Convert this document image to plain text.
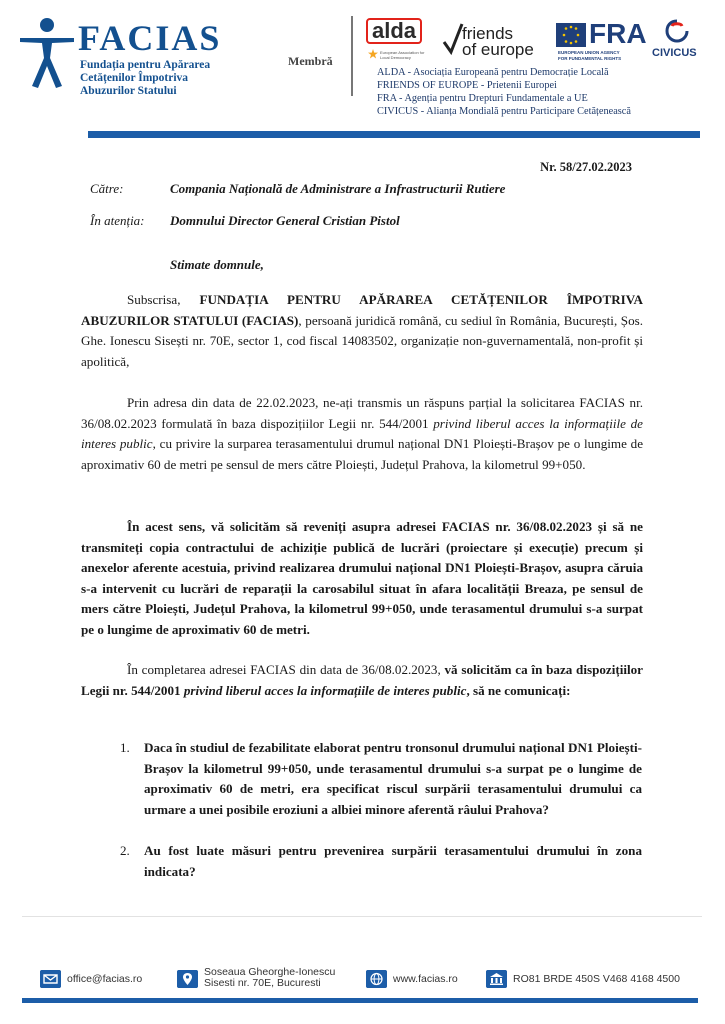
FACIAS
Fundația pentru Apărarea
Cetățenilor Împotriva
Abuzurilor Statului
Membră
alda
European Association for Local Democracy
friends
of europe
FRA
EUROPEAN UNION AGENCY
FOR FUNDAMENTAL RIGHTS	CIVICUS
ALDA - Asociația Europeană pentru Democrație Locală
FRIENDS OF EUROPE - Prietenii Europei
FRA - Agenția pentru Drepturi Fundamentale a UE
CIVICUS - Alianța Mondială pentru Participare Cetățenească
Nr. 58/27.02.2023
Către:	Compania Națională de Administrare a Infrastructurii Rutiere
În atenția: Domnului Director General Cristian Pistol
Stimate domnule,
Subscrisa, FUNDAȚIA PENTRU APĂRAREA CETĂȚENILOR ÎMPOTRIVA ABUZURILOR STATULUI (FACIAS), persoană juridică română, cu sediul în România, București, Șos. Ghe. Ionescu Sisești nr. 70E, sector 1, cod fiscal 14083502, organizație non-guvernamentală, non-profit și apolitică,
Prin adresa din data de 22.02.2023, ne-ați transmis un răspuns parțial la solicitarea FACIAS nr. 36/08.02.2023 formulată în baza dispozițiilor Legii nr. 544/2001 privind liberul acces la informațiile de interes public, cu privire la surparea terasamentului drumul național DN1 Ploiești-Brașov pe o lungime de aproximativ 60 de metri pe sensul de mers către Ploiești, Județul Prahova, la kilometrul 99+050.
În acest sens, vă solicităm să reveniți asupra adresei FACIAS nr. 36/08.02.2023 și să ne transmiteți copia contractului de achiziție publică de lucrări (proiectare și execuție) precum și anexelor aferente acestuia, privind realizarea drumului național DN1 Ploiești-Brașov, asupra căruia s-a intervenit cu lucrări de reparații la carosabilul situat în afara localității Breaza, pe sensul de mers către Ploiești, Județul Prahova, la kilometrul 99+050, unde terasamentul drumului s-a surpat pe o lungime de aproximativ 60 de metri.
În completarea adresei FACIAS din data de 36/08.02.2023, vă solicităm ca în baza dispozițiilor Legii nr. 544/2001 privind liberul acces la informațiile de interes public, să ne comunicați:
1. Daca în studiul de fezabilitate elaborat pentru tronsonul drumului național DN1 Ploiești-Brașov la kilometrul 99+050, unde terasamentul drumului s-a surpat pe o lungime de aproximativ 60 de metri, era specificat riscul surpării terasamentului drumului ca urmare a unei posibile eroziuni a albiei minore aferentă râului Prahova?
2. Au fost luate măsuri pentru prevenirea surpării terasamentului drumului în zona indicata?
office@facias.ro
Soseaua Gheorghe-Ionescu
Sisesti nr. 70E, Bucuresti	www.facias.ro	RO81 BRDE 450S V468 4168 4500
